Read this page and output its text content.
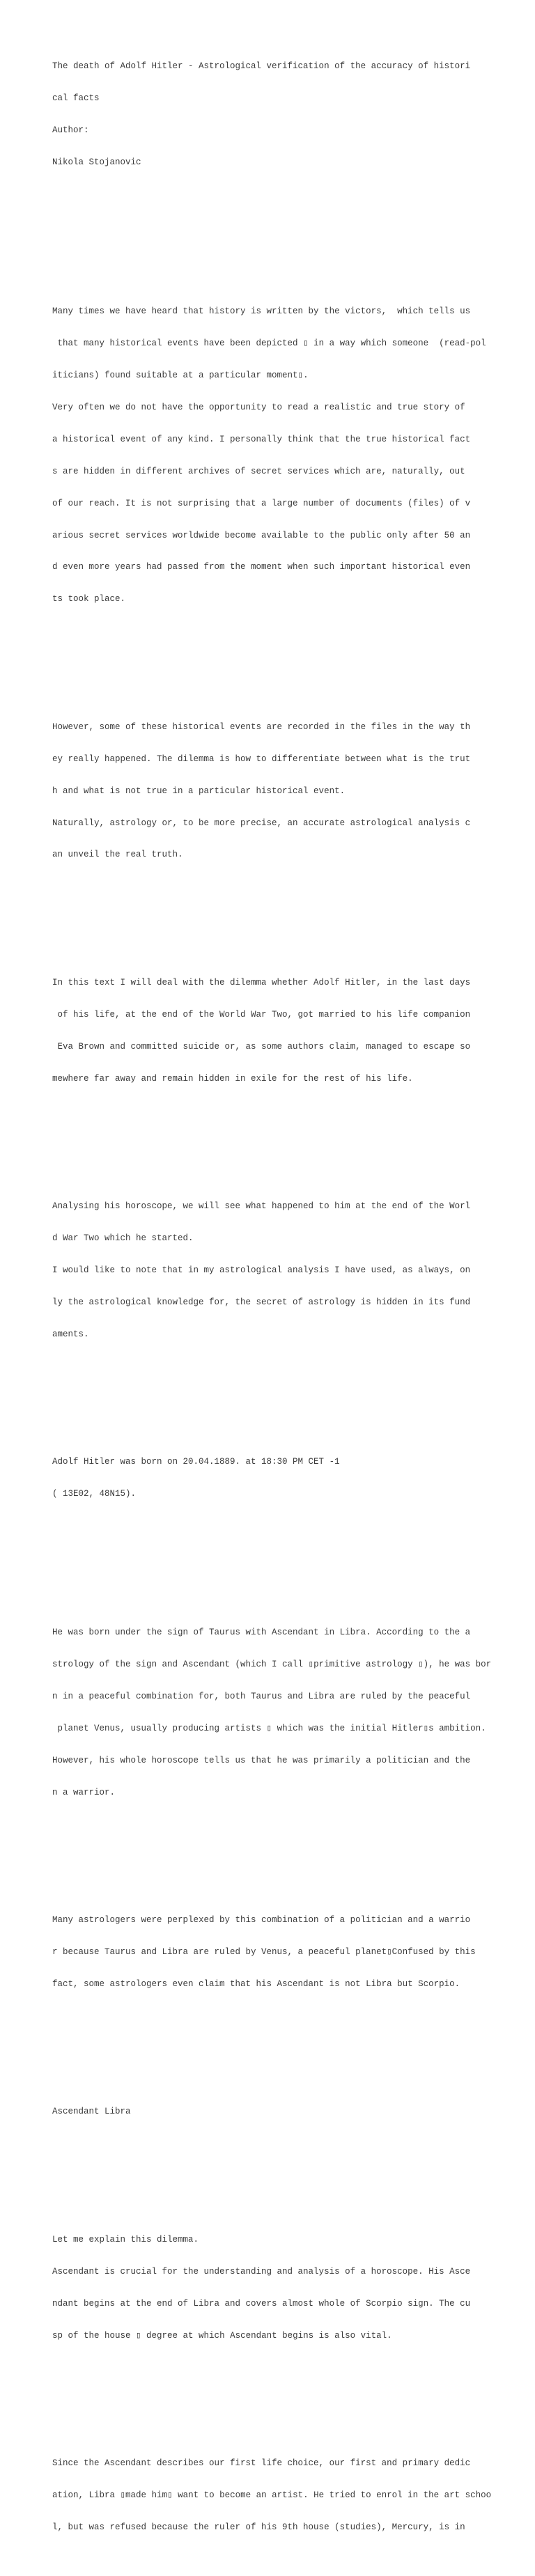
The death of Adolf Hitler - Astrological verification of the accuracy of histori

cal facts

Author:

Nikola Stojanovic

Many times we have heard that history is written by the victors,  which tells us

that many historical events have been depicted ▯ in a way which someone  (read-pol

iticians) found suitable at a particular moment▯.

Very often we do not have the opportunity to read a realistic and true story of

a historical event of any kind. I personally think that the true historical fact

s are hidden in different archives of secret services which are, naturally, out

of our reach. It is not surprising that a large number of documents (files) of v

arious secret services worldwide become available to the public only after 50 an

d even more years had passed from the moment when such important historical even

ts took place.

However, some of these historical events are recorded in the files in the way th

ey really happened. The dilemma is how to differentiate between what is the trut

h and what is not true in a particular historical event.

Naturally, astrology or, to be more precise, an accurate astrological analysis c

an unveil the real truth.

In this text I will deal with the dilemma whether Adolf Hitler, in the last days

of his life, at the end of the World War Two, got married to his life companion

Eva Brown and committed suicide or, as some authors claim, managed to escape so

mewhere far away and remain hidden in exile for the rest of his life.

Analysing his horoscope, we will see what happened to him at the end of the Worl

d War Two which he started.

I would like to note that in my astrological analysis I have used, as always, on

ly the astrological knowledge for, the secret of astrology is hidden in its fund

aments.

Adolf Hitler was born on 20.04.1889. at 18:30 PM CET -1

( 13E02, 48N15).

He was born under the sign of Taurus with Ascendant in Libra. According to the a

strology of the sign and Ascendant (which I call ▯primitive astrology ▯), he was bor

n in a peaceful combination for, both Taurus and Libra are ruled by the peaceful

planet Venus, usually producing artists ▯ which was the initial Hitler▯s ambition.

However, his whole horoscope tells us that he was primarily a politician and the

n a warrior.

Many astrologers were perplexed by this combination of a politician and a warrio

r because Taurus and Libra are ruled by Venus, a peaceful planet▯Confused by this

fact, some astrologers even claim that his Ascendant is not Libra but Scorpio.

Ascendant Libra

Let me explain this dilemma.

Ascendant is crucial for the understanding and analysis of a horoscope. His Asce

ndant begins at the end of Libra and covers almost whole of Scorpio sign. The cu

sp of the house ▯ degree at which Ascendant begins is also vital.

Since the Ascendant describes our first life choice, our first and primary dedic

ation, Libra ▯made him▯ want to become an artist. He tried to enrol in the art schoo

l, but was refused because the ruler of his 9th house (studies), Mercury, is in
